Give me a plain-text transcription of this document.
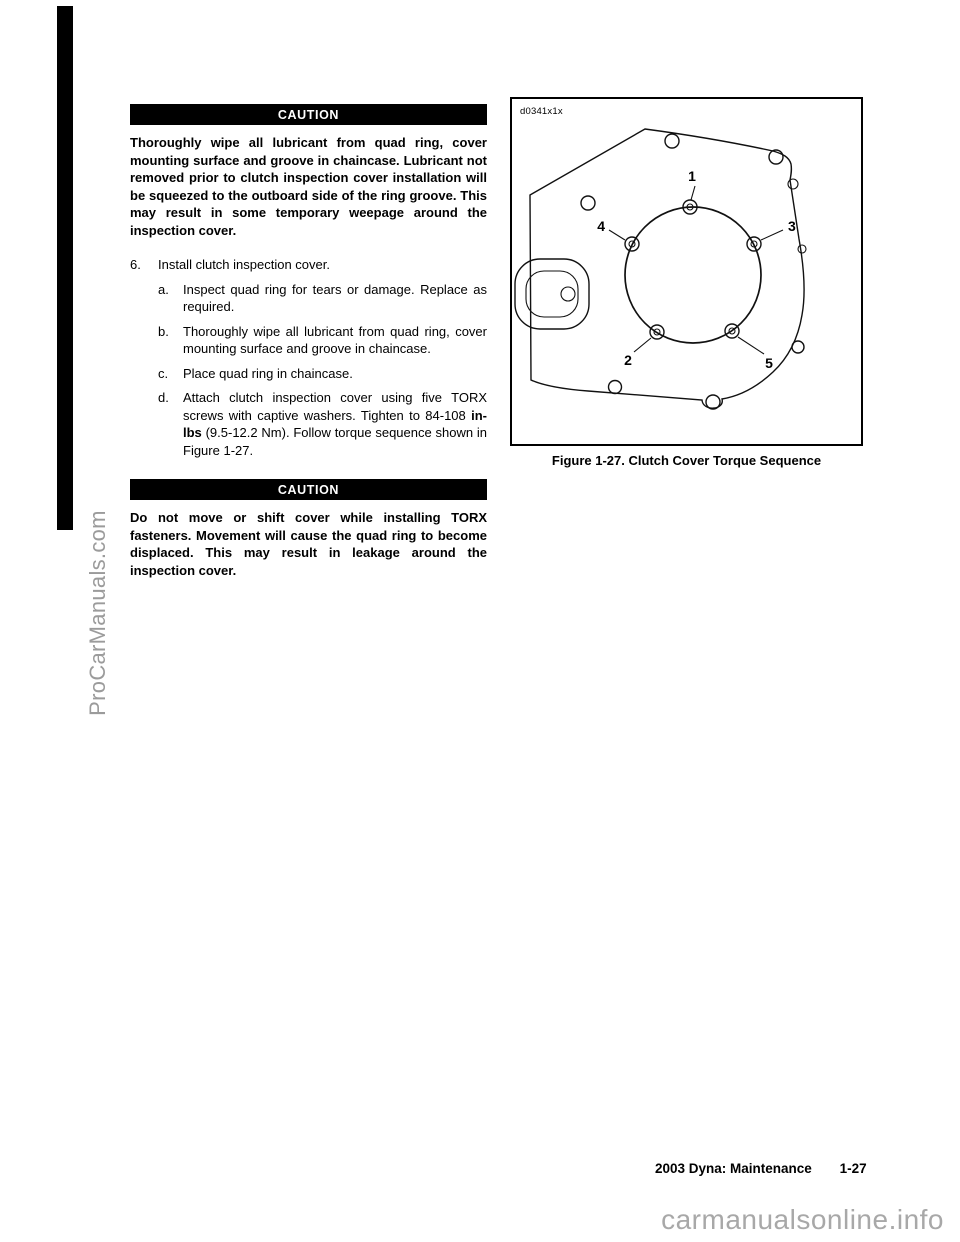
CAUTION

Thoroughly wipe all lubricant from quad ring, cover mounting surface and groove in chaincase. Lubricant not removed prior to clutch inspection cover installation will be squeezed to the outboard side of the ring groove. This may result in some temporary weepage around the inspection cover.

6.	Install clutch inspection cover.
a.	Inspect quad ring for tears or damage. Replace as required.
b.	Thoroughly wipe all lubricant from quad ring, cover mounting surface and groove in chaincase.
c.	Place quad ring in chaincase.
d.	Attach clutch inspection cover using five TORX screws with captive washers. Tighten to 84-108 in-lbs (9.5-12.2 Nm). Follow torque sequence shown in Figure 1-27.
CAUTION

Do not move or shift cover while installing TORX fasteners. Movement will cause the quad ring to become displaced. This may result in leakage around the inspection cover.

d0341x1x
1
3
4
2	5
Figure 1-27. Clutch Cover Torque Sequence
2003 Dyna: Maintenance 1-27
ProCarManuals.com
carmanualsonline.info
